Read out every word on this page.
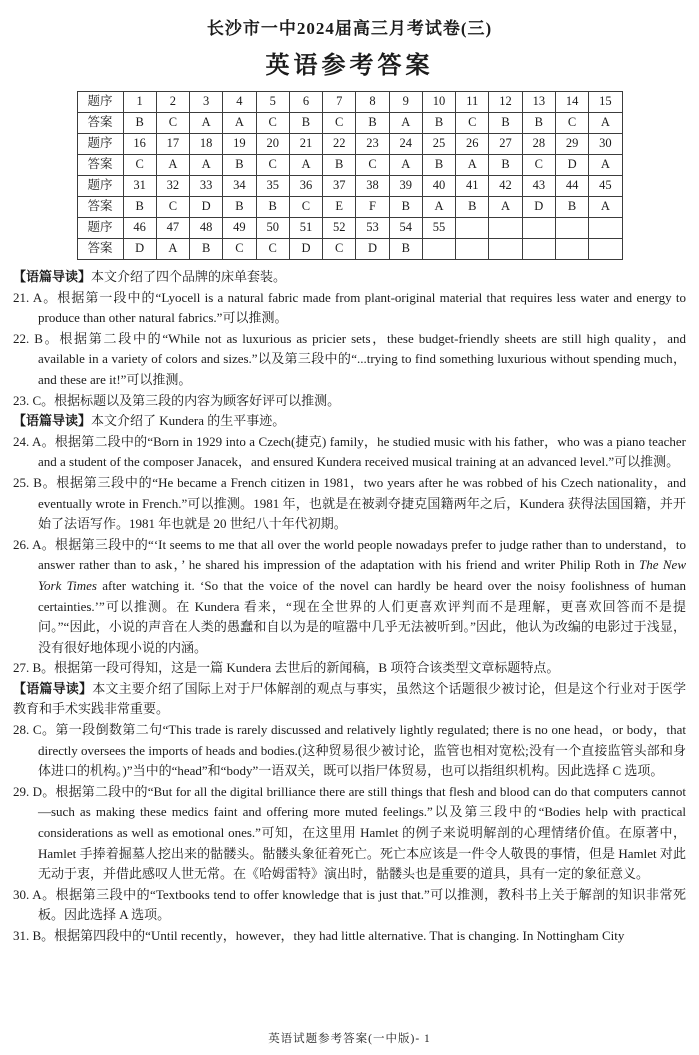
长沙市一中2024届高三月考试卷(三)
英语参考答案
题序	1	2	3	4	5	6	7	8	9	10	11	12	13	14	15
答案	B	C	A	A	C	B	C	B	A	B	C	B	B	C	A
题序	16	17	18	19	20	21	22	23	24	25	26	27	28	29	30
答案	C	A	A	B	C	A	B	C	A	B	A	B	C	D	A
题序	31	32	33	34	35	36	37	38	39	40	41	42	43	44	45
答案	B	C	D	B	B	C	E	F	B	A	B	A	D	B	A
题序	46	47	48	49	50	51	52	53	54	55					
答案	D	A	B	C	C	D	C	D	B						

【语篇导读】本文介绍了四个品牌的床单套装。

21. A。根据第一段中的“Lyocell is a natural fabric made from plant-original material that requires less water and energy to produce than other natural fabrics.”可以推测。

22. B。根据第二段中的“While not as luxurious as pricier sets，these budget-friendly sheets are still high quality，and available in a variety of colors and sizes.”以及第三段中的“...trying to find something luxurious without spending much，and these are it!”可以推测。

23. C。根据标题以及第三段的内容为顾客好评可以推测。

【语篇导读】本文介绍了 Kundera 的生平事迹。

24. A。根据第二段中的“Born in 1929 into a Czech(捷克) family，he studied music with his father，who was a piano teacher and a student of the composer Janacek，and ensured Kundera received musical training at an advanced level.”可以推测。

25. B。根据第三段中的“He became a French citizen in 1981，two years after he was robbed of his Czech nationality，and eventually wrote in French.”可以推测。1981 年，也就是在被剥夺捷克国籍两年之后，Kundera 获得法国国籍，并开始了法语写作。1981 年也就是 20 世纪八十年代初期。

26. A。根据第三段中的“‘It seems to me that all over the world people nowadays prefer to judge rather than to understand，to answer rather than to ask，’ he shared his impression of the adaptation with his friend and writer Philip Roth in The New York Times after watching it. ‘So that the voice of the novel can hardly be heard over the noisy foolishness of human certainties.’”可以推测。在 Kundera 看来，“现在全世界的人们更喜欢评判而不是理解，更喜欢回答而不是提问。”“因此，小说的声音在人类的愚蠢和自以为是的喧嚣中几乎无法被听到。”因此，他认为改编的电影过于浅显，没有很好地体现小说的内涵。

27. B。根据第一段可得知，这是一篇 Kundera 去世后的新闻稿，B 项符合该类型文章标题特点。

【语篇导读】本文主要介绍了国际上对于尸体解剖的观点与事实，虽然这个话题很少被讨论，但是这个行业对于医学教育和手术实践非常重要。

28. C。第一段倒数第二句“This trade is rarely discussed and relatively lightly regulated; there is no one head，or body，that directly oversees the imports of heads and bodies.(这种贸易很少被讨论，监管也相对宽松;没有一个直接监管头部和身体进口的机构。)”当中的“head”和“body”一语双关，既可以指尸体贸易，也可以指组织机构。因此选择 C 选项。

29. D。根据第二段中的“But for all the digital brilliance there are still things that flesh and blood can do that computers cannot—such as making these medics faint and offering more muted feelings.”以及第三段中的“Bodies help with practical considerations as well as emotional ones.”可知，在这里用 Hamlet 的例子来说明解剖的心理情绪价值。在原著中，Hamlet 手捧着掘墓人挖出来的骷髅头。骷髅头象征着死亡。死亡本应该是一件令人敬畏的事情，但是 Hamlet 对此无动于衷，并借此感叹人世无常。在《哈姆雷特》演出时，骷髅头也是重要的道具，具有一定的象征意义。

30. A。根据第三段中的“Textbooks tend to offer knowledge that is just that.”可以推测，教科书上关于解剖的知识非常死板。因此选择 A 选项。

31. B。根据第四段中的“Until recently，however，they had little alternative. That is changing. In Nottingham City

英语试题参考答案(一中版)- 1
